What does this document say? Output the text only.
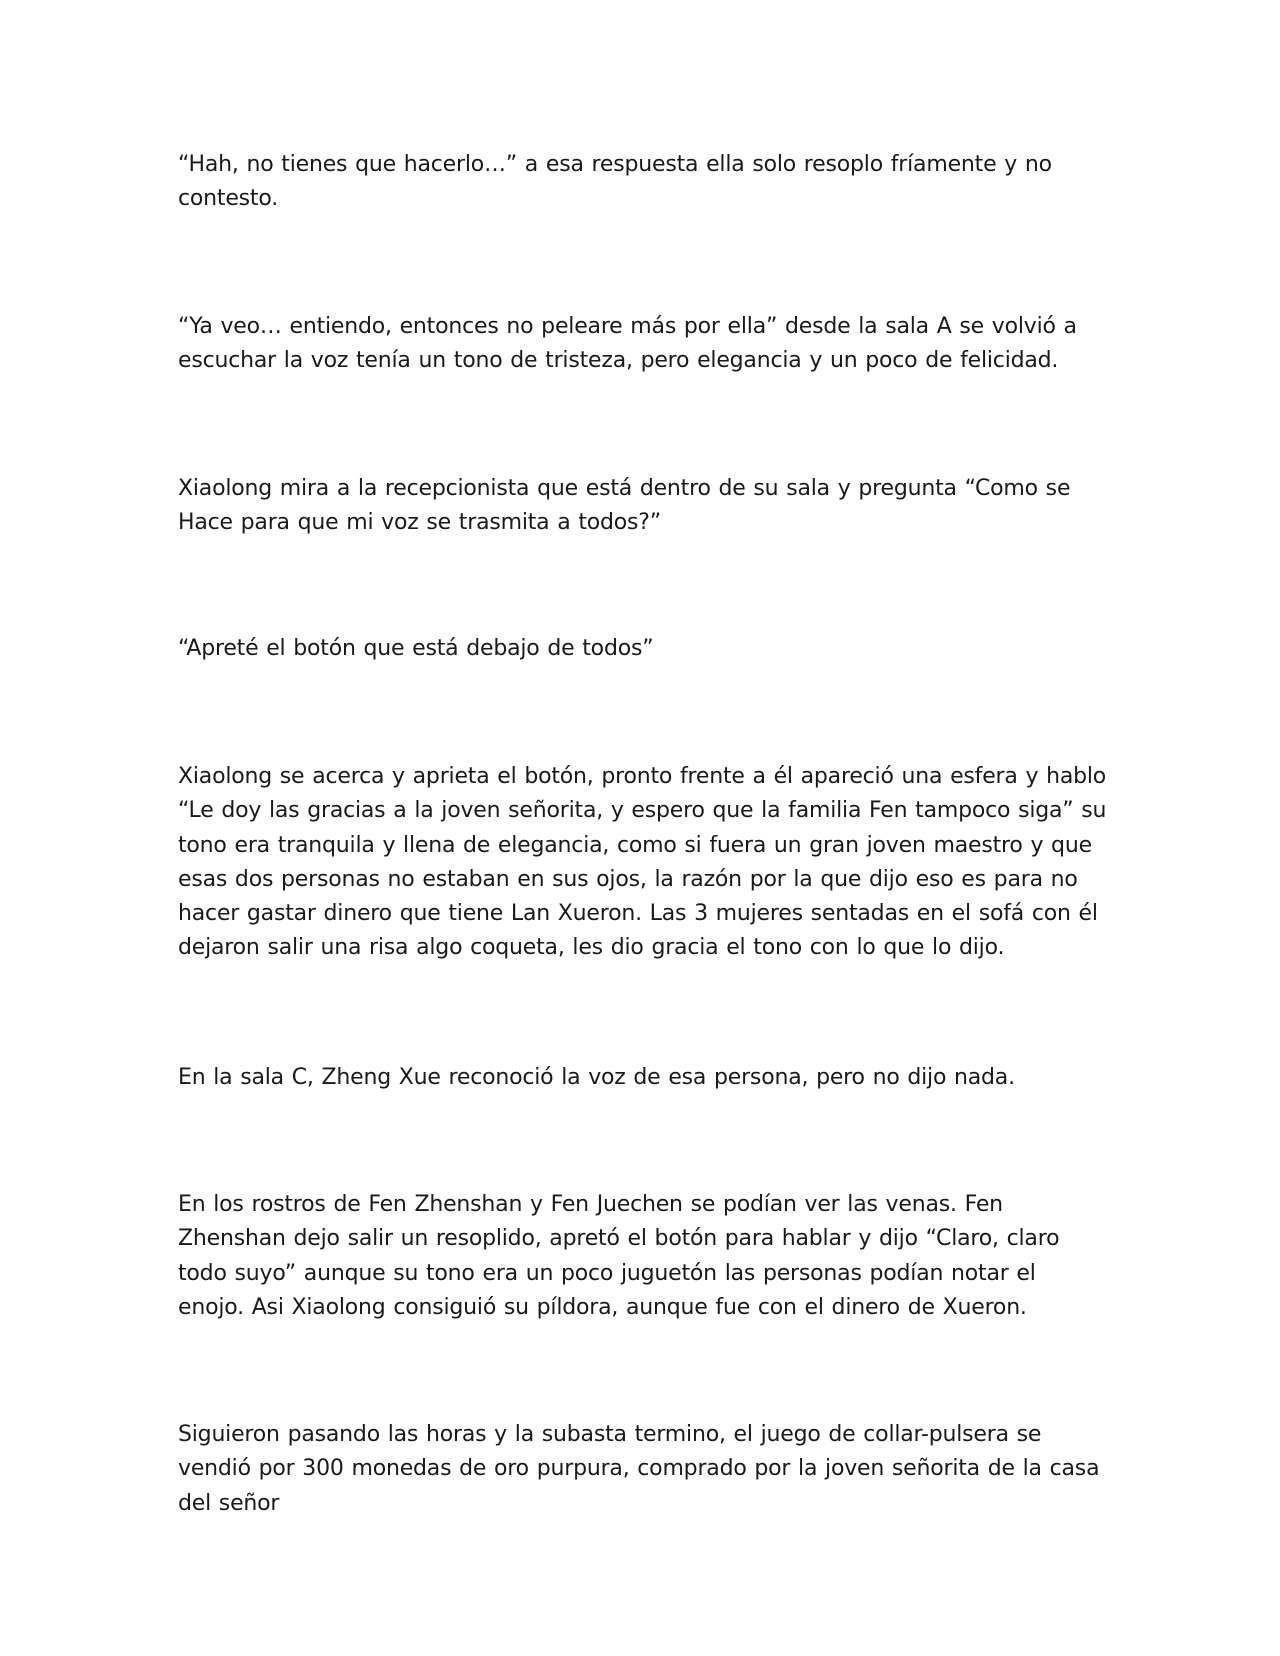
“Hah, no tienes que hacerlo…” a esa respuesta ella solo resoplo fríamente y no contesto.

“Ya veo… entiendo, entonces no peleare más por ella” desde la sala A se volvió a escuchar la voz tenía un tono de tristeza, pero elegancia y un poco de felicidad.

Xiaolong mira a la recepcionista que está dentro de su sala y pregunta “Como se Hace para que mi voz se trasmita a todos?”

“Apreté el botón que está debajo de todos”

Xiaolong se acerca y aprieta el botón, pronto frente a él apareció una esfera y hablo “Le doy las gracias a la joven señorita, y espero que la familia Fen tampoco siga” su tono era tranquila y llena de elegancia, como si fuera un gran joven maestro y que esas dos personas no estaban en sus ojos, la razón por la que dijo eso es para no hacer gastar dinero que tiene Lan Xueron. Las 3 mujeres sentadas en el sofá con él dejaron salir una risa algo coqueta, les dio gracia el tono con lo que lo dijo.

En la sala C, Zheng Xue reconoció la voz de esa persona, pero no dijo nada.

En los rostros de Fen Zhenshan y Fen Juechen se podían ver las venas. Fen Zhenshan dejo salir un resoplido, apretó el botón para hablar y dijo “Claro, claro todo suyo” aunque su tono era un poco juguetón las personas podían notar el enojo. Asi Xiaolong consiguió su píldora, aunque fue con el dinero de Xueron.

Siguieron pasando las horas y la subasta termino, el juego de collar-pulsera se vendió por 300 monedas de oro purpura, comprado por la joven señorita de la casa del señor
